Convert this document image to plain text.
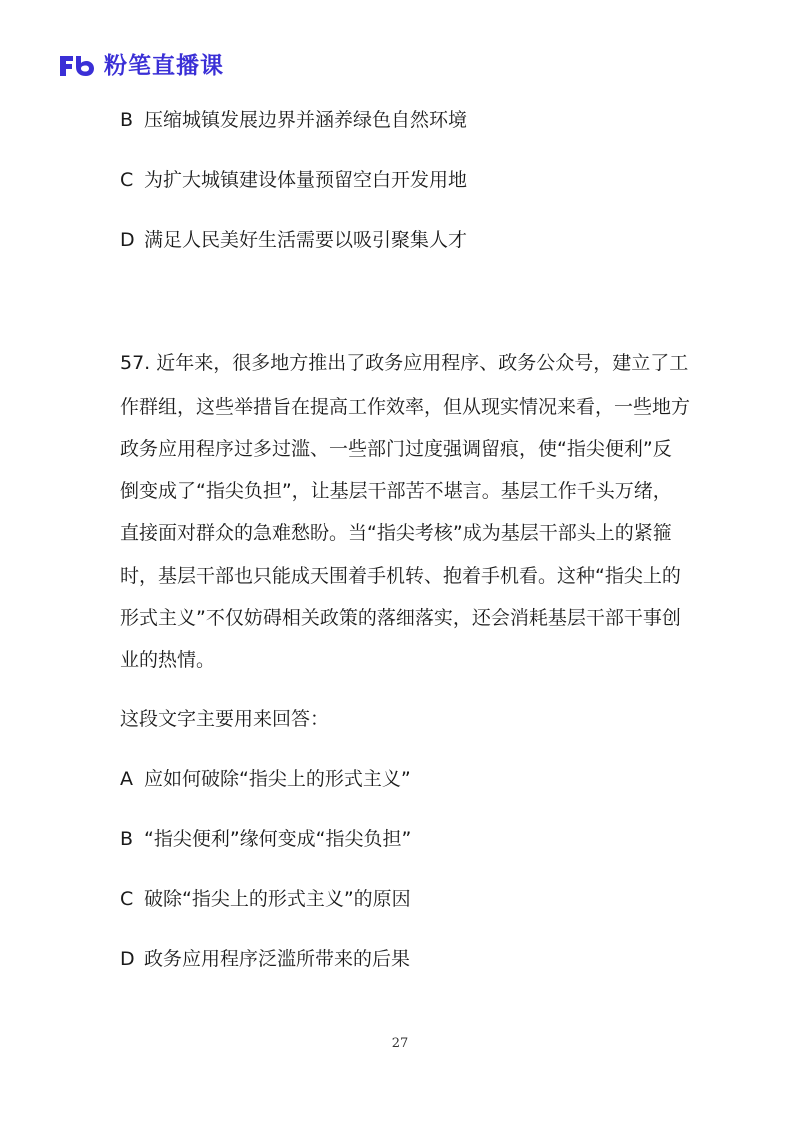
粉笔直播课
B 压缩城镇发展边界并涵养绿色自然环境
C 为扩大城镇建设体量预留空白开发用地
D 满足人民美好生活需要以吸引聚集人才
57. 近年来，很多地方推出了政务应用程序、政务公众号，建立了工
作群组，这些举措旨在提高工作效率，但从现实情况来看，一些地方
政务应用程序过多过滥、一些部门过度强调留痕，使“指尖便利”反
倒变成了“指尖负担”，让基层干部苦不堪言。基层工作千头万绪，
直接面对群众的急难愁盼。当“指尖考核”成为基层干部头上的紧箍
时，基层干部也只能成天围着手机转、抱着手机看。这种“指尖上的
形式主义”不仅妨碍相关政策的落细落实，还会消耗基层干部干事创
业的热情。
这段文字主要用来回答：
A 应如何破除“指尖上的形式主义”
B “指尖便利”缘何变成“指尖负担”
C 破除“指尖上的形式主义”的原因
D 政务应用程序泛滥所带来的后果
27
